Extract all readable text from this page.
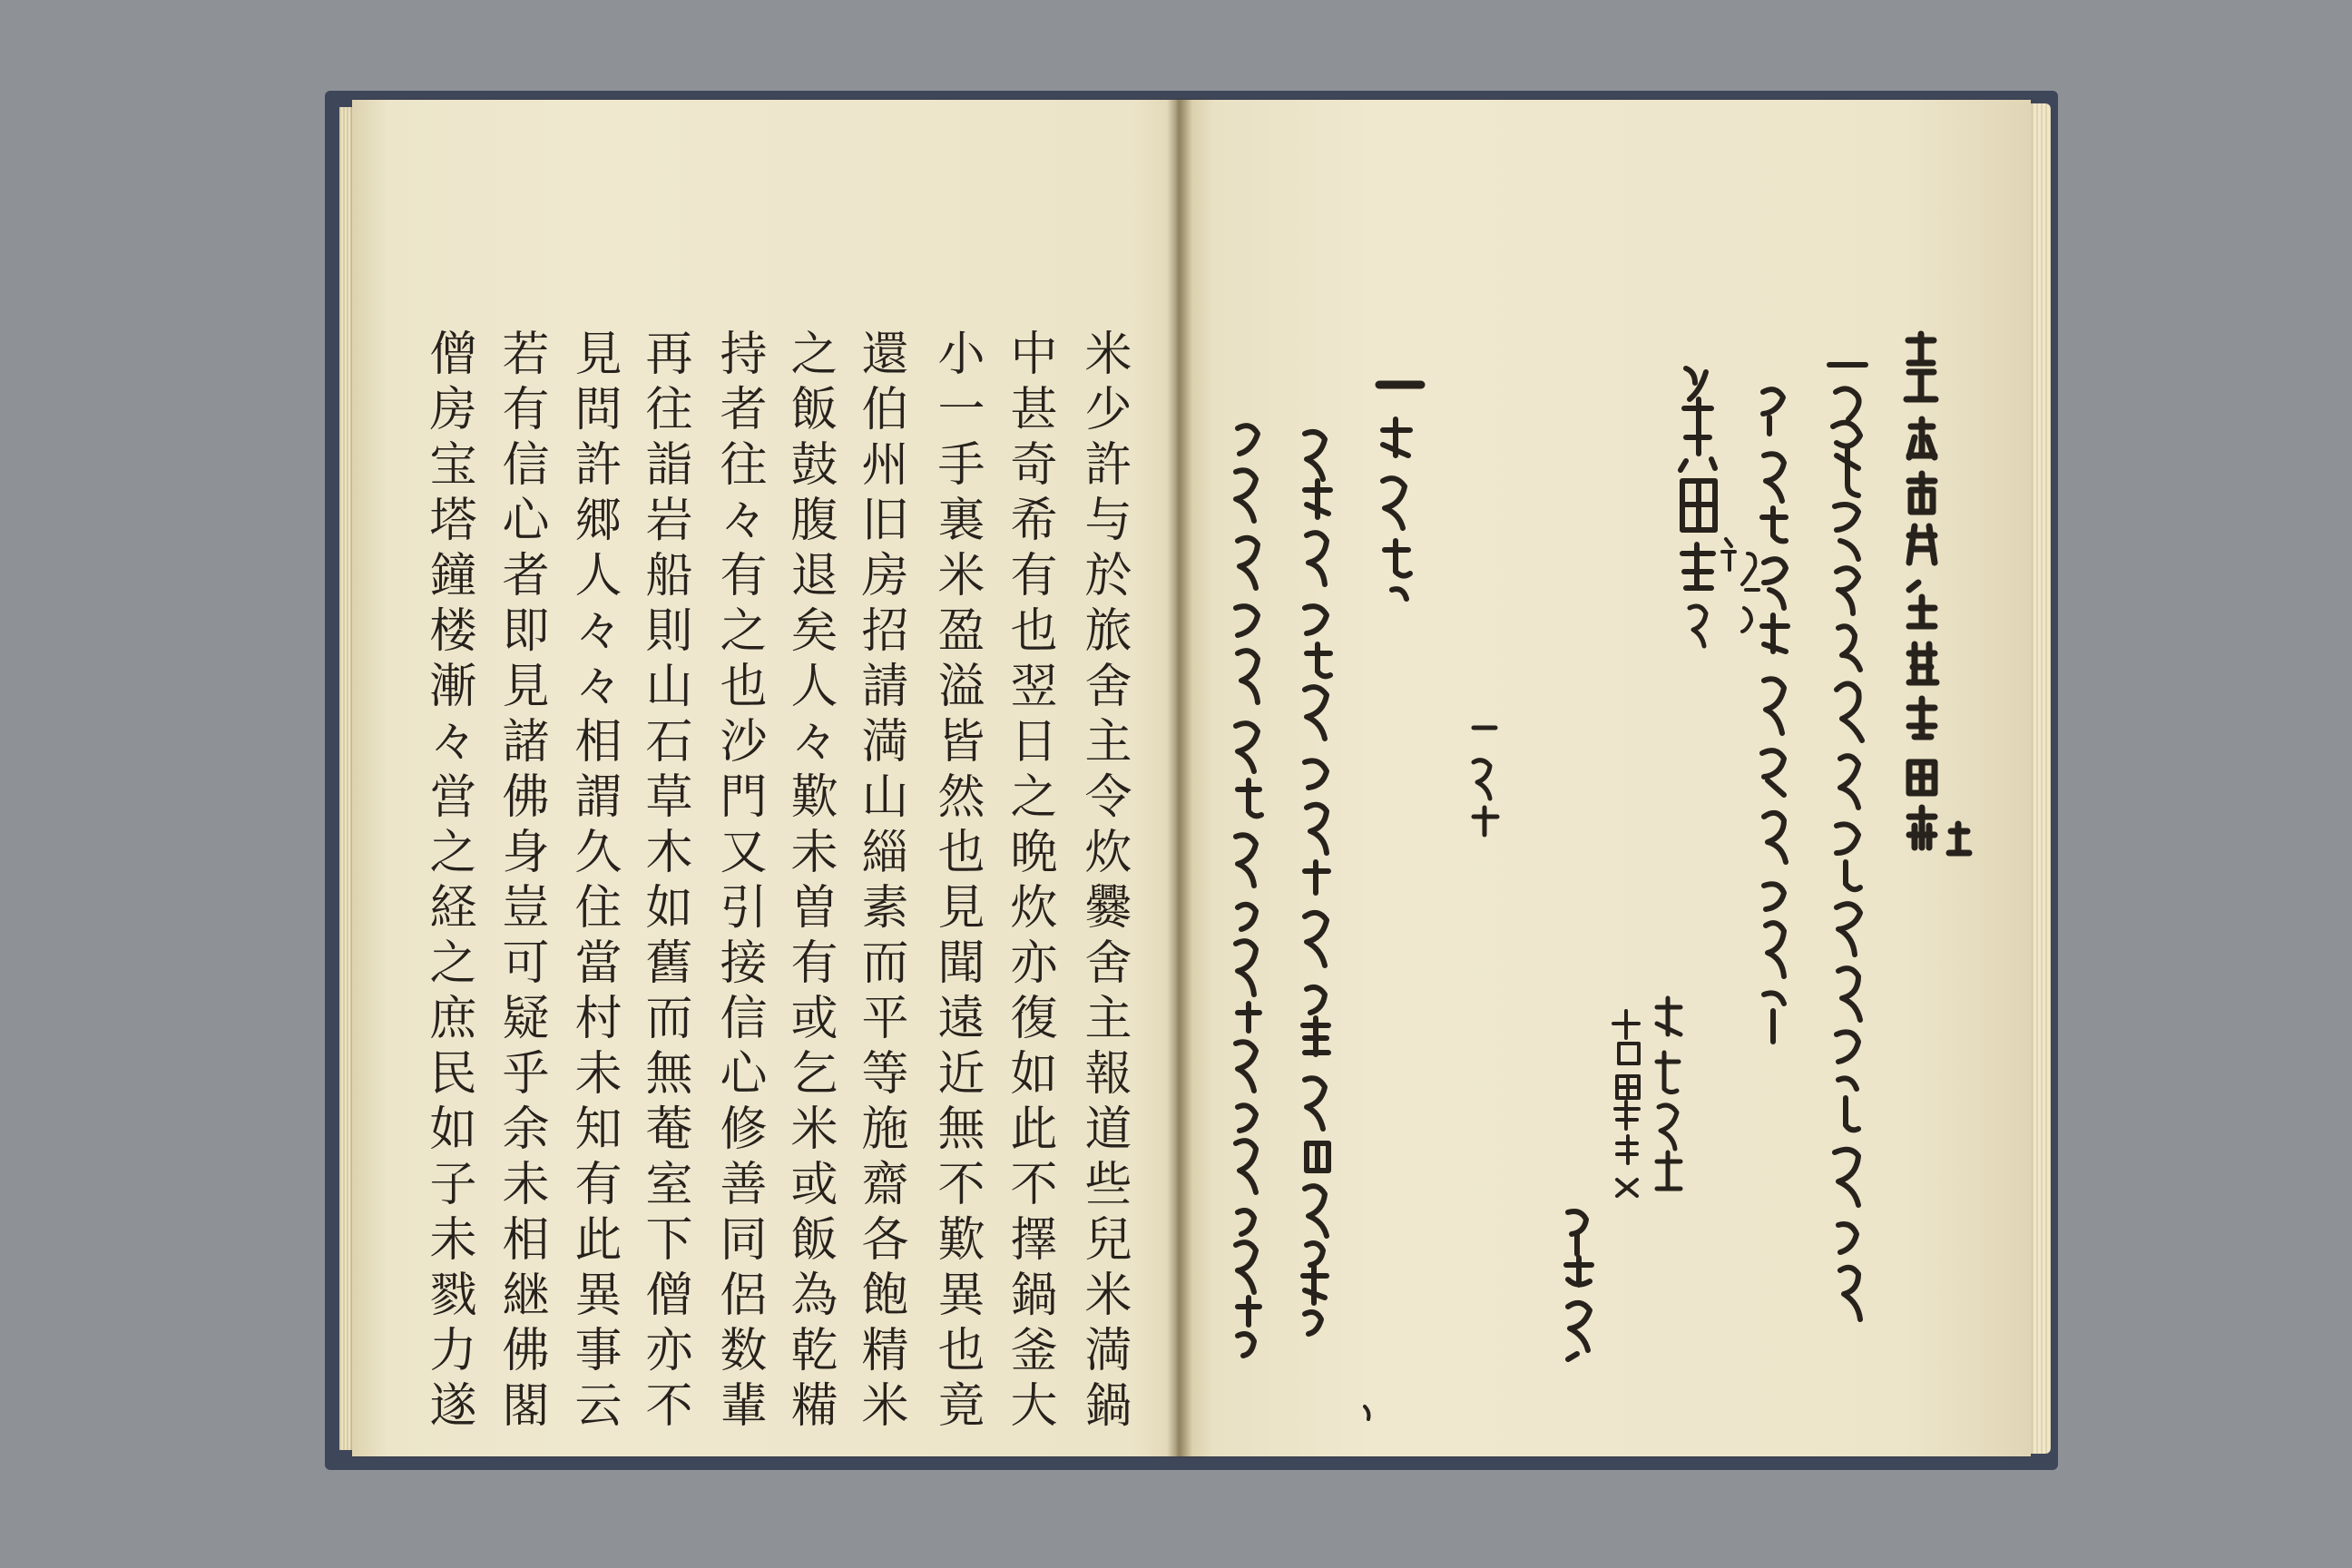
米少許与於旅舍主令炊爨舍主報道些兒米満鍋
中甚奇希有也翌日之晩炊亦復如此不擇鍋釜大
小一手裏米盈溢皆然也見聞遠近無不歎異也竟
還伯州旧房招請満山緇素而平等施齋各飽精米
之飯鼓腹退矣人々歎未曽有或乞米或飯為乾糒
持者往々有之也沙門又引接信心修善同侶数輩
再往詣岩船則山石草木如舊而無菴室下僧亦不
見問許郷人々々相謂久住當村未知有此異事云
若有信心者即見諸佛身豈可疑乎余未相継佛閣
僧房宝塔鐘楼漸々営之経之庶民如子未戮力遂
